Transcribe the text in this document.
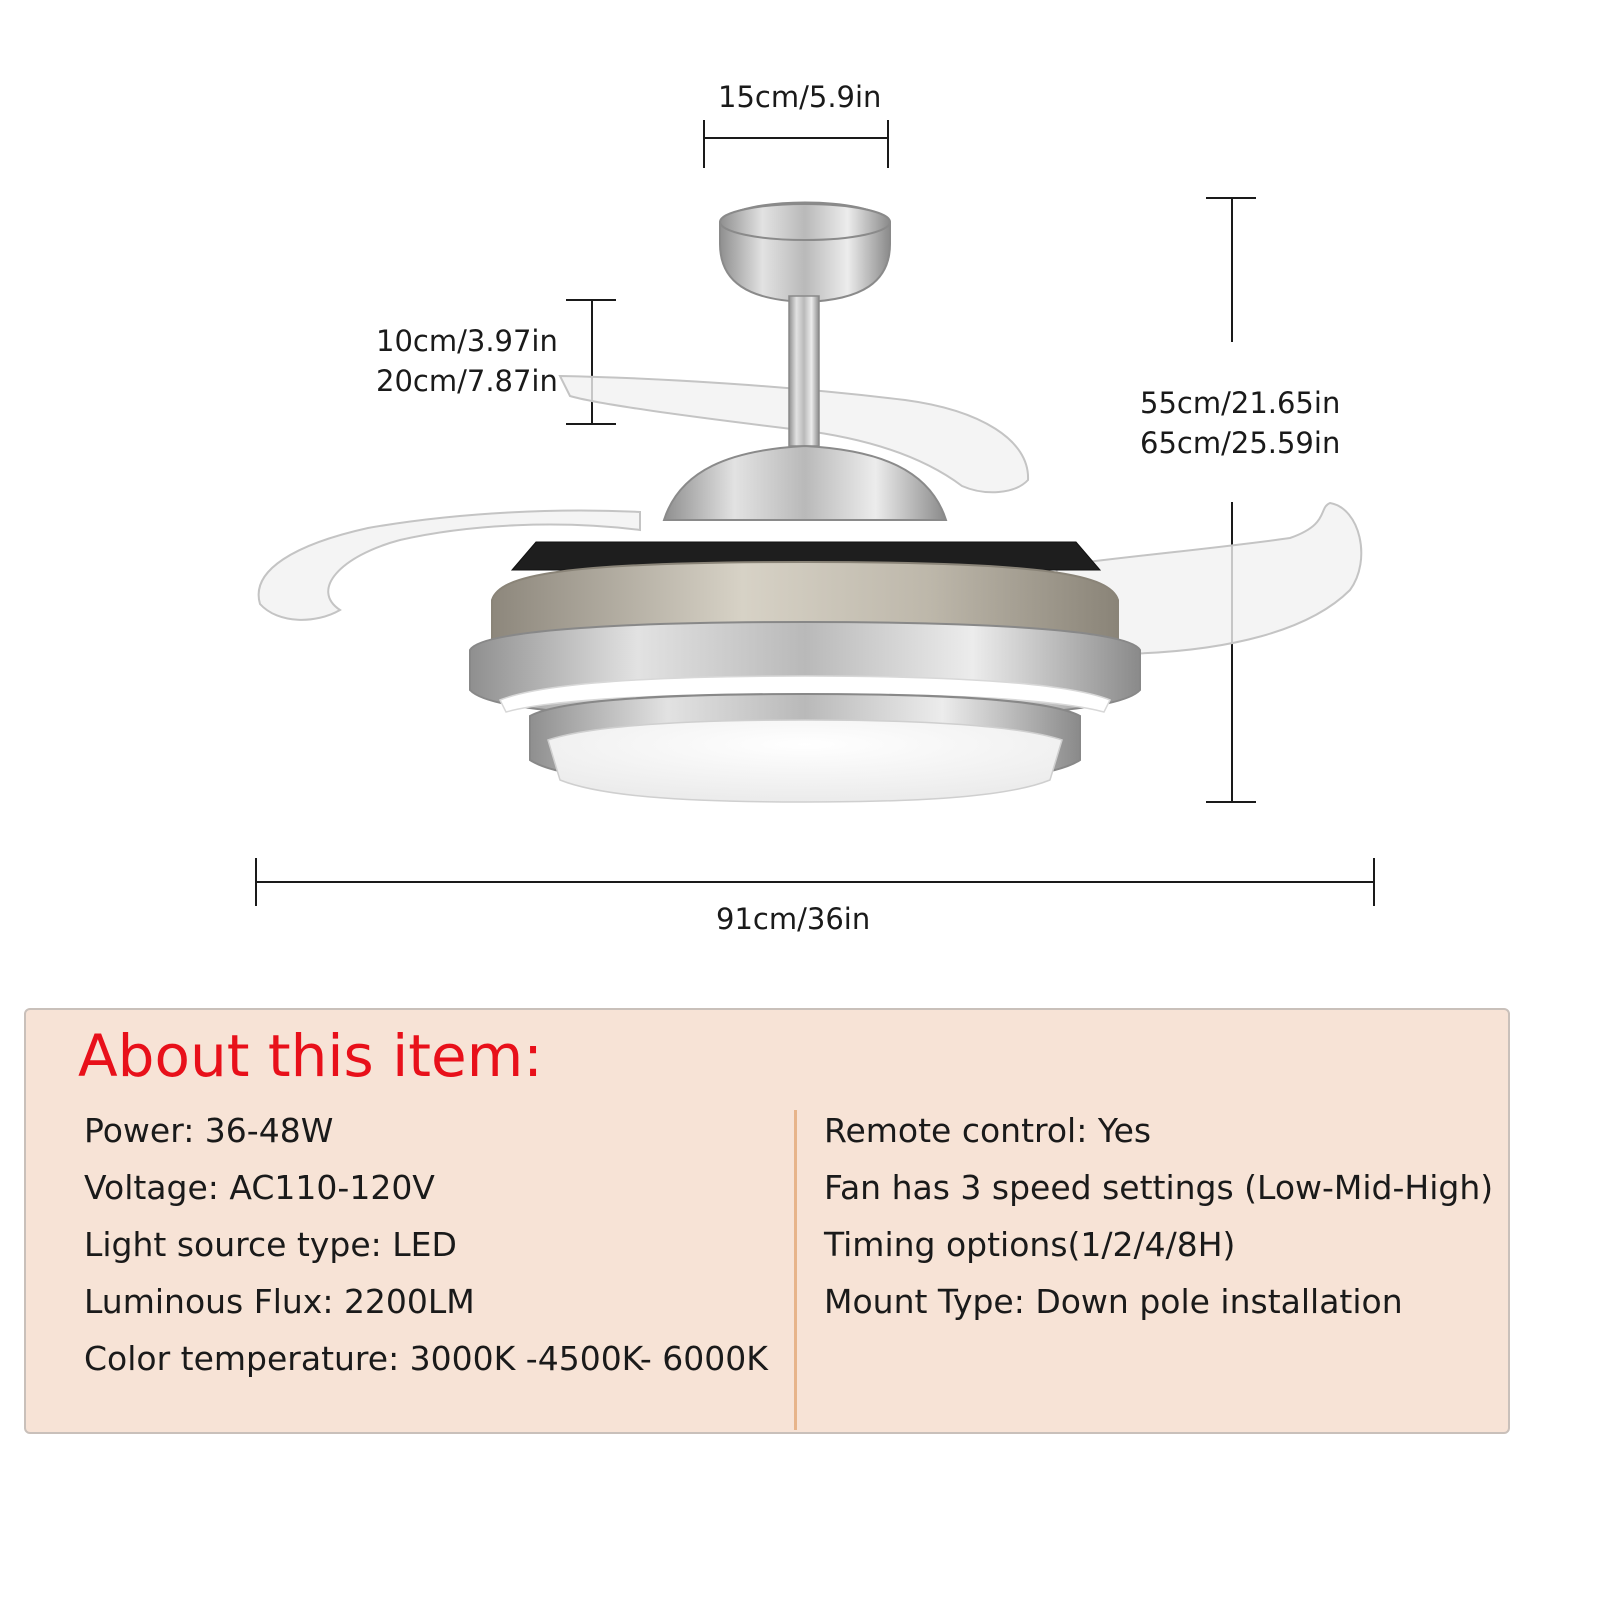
15cm/5.9in
10cm/3.97in
20cm/7.87in
55cm/21.65in
65cm/25.59in
91cm/36in
About this item:
Power: 36-48W
Voltage: AC110-120V
Light source type: LED
Luminous Flux: 2200LM
Color temperature: 3000K -4500K- 6000K
Remote control: Yes
Fan has 3 speed settings (Low-Mid-High)
Timing options(1/2/4/8H)
Mount Type: Down pole installation
